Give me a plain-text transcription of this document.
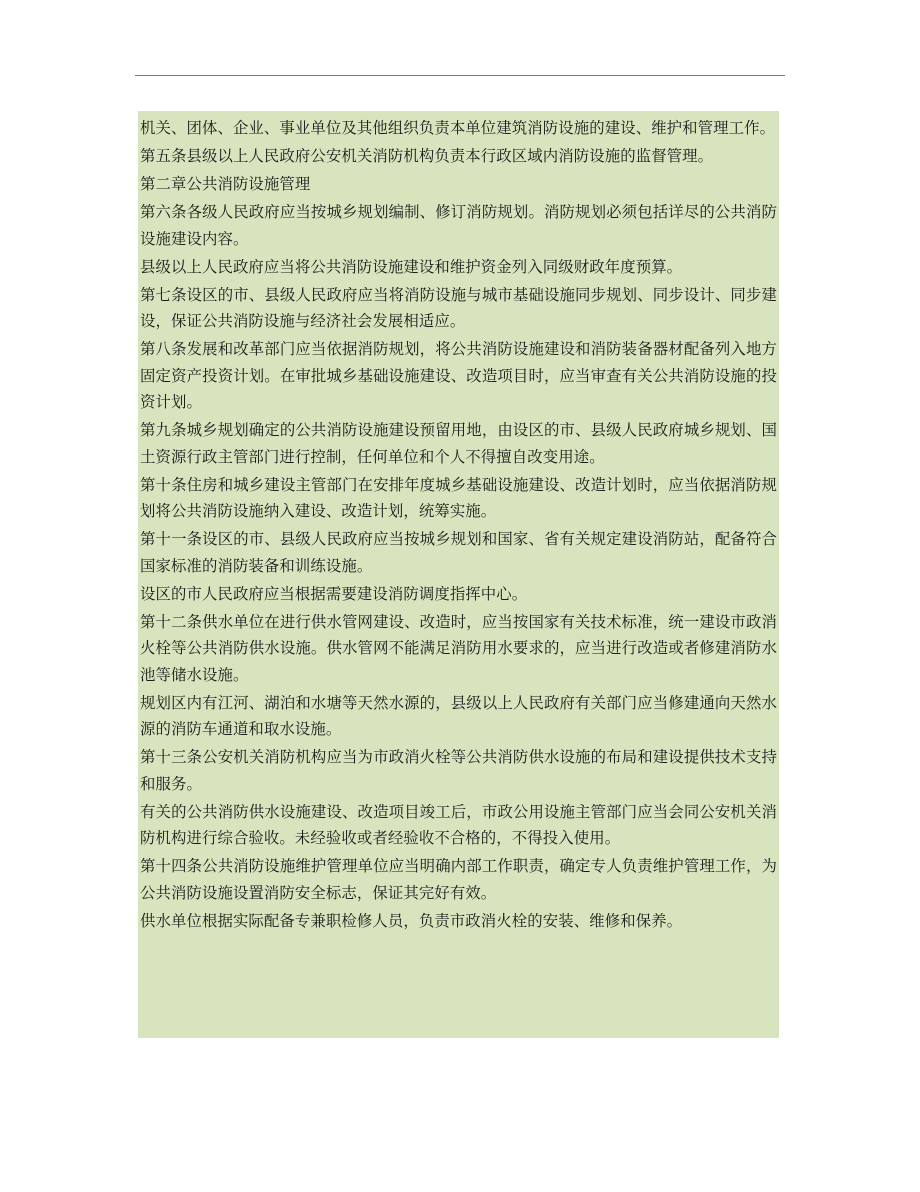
机关、团体、企业、事业单位及其他组织负责本单位建筑消防设施的建设、维护和管理工作。

第五条县级以上人民政府公安机关消防机构负责本行政区域内消防设施的监督管理。

第二章公共消防设施管理

第六条各级人民政府应当按城乡规划编制、修订消防规划。消防规划必须包括详尽的公共消防设施建设内容。

县级以上人民政府应当将公共消防设施建设和维护资金列入同级财政年度预算。

第七条设区的市、县级人民政府应当将消防设施与城市基础设施同步规划、同步设计、同步建设，保证公共消防设施与经济社会发展相适应。

第八条发展和改革部门应当依据消防规划，将公共消防设施建设和消防装备器材配备列入地方固定资产投资计划。在审批城乡基础设施建设、改造项目时，应当审查有关公共消防设施的投资计划。

第九条城乡规划确定的公共消防设施建设预留用地，由设区的市、县级人民政府城乡规划、国土资源行政主管部门进行控制，任何单位和个人不得擅自改变用途。

第十条住房和城乡建设主管部门在安排年度城乡基础设施建设、改造计划时，应当依据消防规划将公共消防设施纳入建设、改造计划，统筹实施。

第十一条设区的市、县级人民政府应当按城乡规划和国家、省有关规定建设消防站，配备符合国家标准的消防装备和训练设施。

设区的市人民政府应当根据需要建设消防调度指挥中心。

第十二条供水单位在进行供水管网建设、改造时，应当按国家有关技术标准，统一建设市政消火栓等公共消防供水设施。供水管网不能满足消防用水要求的，应当进行改造或者修建消防水池等储水设施。

规划区内有江河、湖泊和水塘等天然水源的，县级以上人民政府有关部门应当修建通向天然水源的消防车通道和取水设施。

第十三条公安机关消防机构应当为市政消火栓等公共消防供水设施的布局和建设提供技术支持和服务。

有关的公共消防供水设施建设、改造项目竣工后，市政公用设施主管部门应当会同公安机关消防机构进行综合验收。未经验收或者经验收不合格的，不得投入使用。

第十四条公共消防设施维护管理单位应当明确内部工作职责，确定专人负责维护管理工作，为公共消防设施设置消防安全标志，保证其完好有效。

供水单位根据实际配备专兼职检修人员，负责市政消火栓的安装、维修和保养。
